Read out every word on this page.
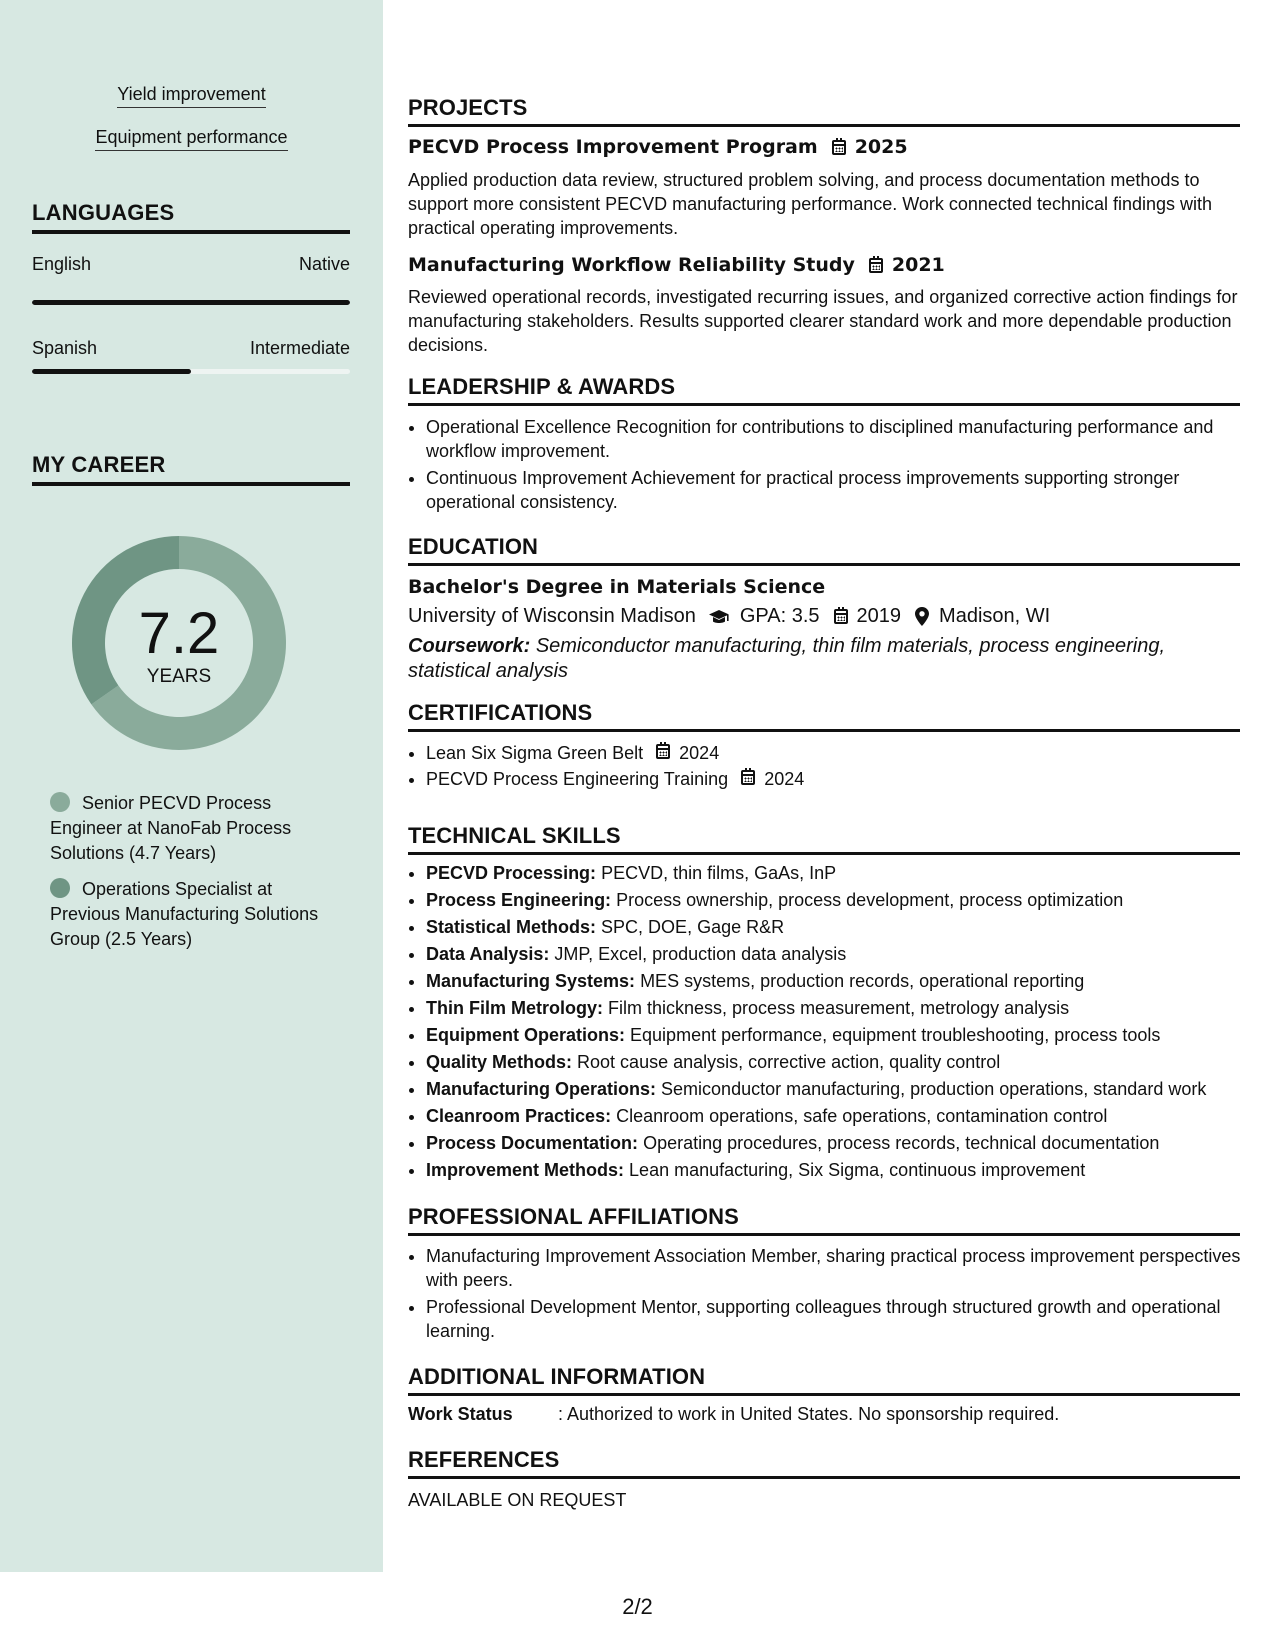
Yield improvement
Equipment performance
LANGUAGES
English	Native
Spanish	Intermediate
MY CAREER
7.2
YEARS
Senior PECVD Process Engineer at NanoFab Process Solutions (4.7 Years)
Operations Specialist at Previous Manufacturing Solutions Group (2.5 Years)
PROJECTS
PECVD Process Improvement Program 2025

Applied production data review, structured problem solving, and process documentation methods to support more consistent PECVD manufacturing performance. Work connected technical findings with practical operating improvements.

Manufacturing Workflow Reliability Study 2021

Reviewed operational records, investigated recurring issues, and organized corrective action findings for manufacturing stakeholders. Results supported clearer standard work and more dependable production decisions.

LEADERSHIP & AWARDS
• Operational Excellence Recognition for contributions to disciplined manufacturing performance and workflow improvement.
• Continuous Improvement Achievement for practical process improvements supporting stronger operational consistency.
EDUCATION
Bachelor's Degree in Materials Science
University of Wisconsin Madison GPA: 3.5 2019 Madison, WI
Coursework: Semiconductor manufacturing, thin film materials, process engineering, statistical analysis
CERTIFICATIONS
• Lean Six Sigma Green Belt 2024
• PECVD Process Engineering Training 2024
TECHNICAL SKILLS
• PECVD Processing: PECVD, thin films, GaAs, InP
• Process Engineering: Process ownership, process development, process optimization
• Statistical Methods: SPC, DOE, Gage R&R
• Data Analysis: JMP, Excel, production data analysis
• Manufacturing Systems: MES systems, production records, operational reporting
• Thin Film Metrology: Film thickness, process measurement, metrology analysis
• Equipment Operations: Equipment performance, equipment troubleshooting, process tools
• Quality Methods: Root cause analysis, corrective action, quality control
• Manufacturing Operations: Semiconductor manufacturing, production operations, standard work
• Cleanroom Practices: Cleanroom operations, safe operations, contamination control
• Process Documentation: Operating procedures, process records, technical documentation
• Improvement Methods: Lean manufacturing, Six Sigma, continuous improvement
PROFESSIONAL AFFILIATIONS
• Manufacturing Improvement Association Member, sharing practical process improvement perspectives with peers.
• Professional Development Mentor, supporting colleagues through structured growth and operational learning.
ADDITIONAL INFORMATION
Work Status	: Authorized to work in United States. No sponsorship required.
REFERENCES
AVAILABLE ON REQUEST
2/2
